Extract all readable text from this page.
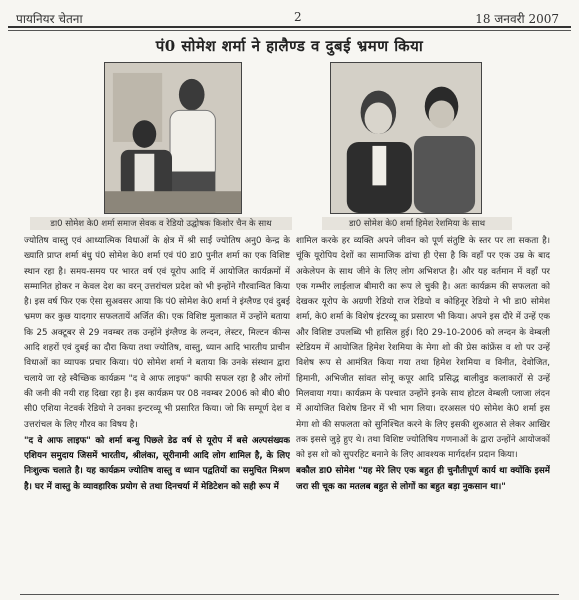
पायनियर चेतना	2	18 जनवरी 2007
पं0 सोमेश शर्मा ने हालैण्ड व दुबई भ्रमण किया
डा0 सोमेश के0 शर्मा समाज सेवक व रेडियो उद्घोषक किशोर चैन के साथ	डा0 सोमेश के0 शर्मा हिमेश रेशमिया के साथ

ज्योतिष वास्तु एवं आध्यात्मिक विधाओं के क्षेत्र में श्री साईं ज्योतिष अनु0 केन्द्र के ख्याति प्राप्त शर्मा बंधु पं0 सोमेश के0 शर्मा एवं पं0 डा0 पुनीत शर्मा का एक विशिष्ट स्थान रहा है। समय-समय पर भारत वर्ष एवं यूरोप आदि में आयोजित कार्यक्रमों में सम्मानित होकर न केवल देश का वरन् उत्तरांचल प्रदेश को भी इन्होंने गौरवान्वित किया है। इस वर्ष फिर एक ऐसा सुअवसर आया कि पं0 सोमेश के0 शर्मा ने इंग्लैण्ड एवं दुबई भ्रमण कर कुछ यादगार सफलतायें अर्जित की। एक विशिष्ट मुलाकात में उन्होंने बताया कि 25 अक्टूबर से 29 नवम्बर तक उन्होंने इंग्लैण्ड के लन्दन, लेस्टर, मिल्टन कीन्स आदि शहरों एवं दुबई का दौरा किया तथा ज्योतिष, वास्तु, ध्यान आदि भारतीय प्राचीन विधाओं का व्यापक प्रचार किया। पं0 सोमेश शर्मा ने बताया कि उनके संस्थान द्वारा चलाये जा रहे स्वैच्छिक कार्यक्रम "द वे आफ लाइफ" काफी सफल रहा है और लोगों की जनी की नयी राह दिखा रहा है। इस कार्यक्रम पर 08 नवम्बर 2006 को बी0 बी0 सी0 एशिया नेटवर्क रेडियो ने उनका इन्टरव्यू भी प्रसारित किया। जो कि सम्पूर्ण देश व उत्तरांचल के लिए गौरव का विषय है।

"द वे आफ लाइफ" को शर्मा बन्धु पिछले डेढ वर्ष से यूरोप में बसे अल्पसंख्यक एशियन समुदाय जिसमें भारतीय, श्रीलंका, सूरीनामी आदि लोग शामिल है, के लिए निःशुल्क चलाते है। यह कार्यक्रम ज्योतिष वास्तु व ध्यान पद्वतियों का समुचित मिश्रण है। घर में वास्तु के व्यावहारिक प्रयोग से तथा दिनचर्या में मेडिटेशन को सही रूप में

शामिल करके हर व्यक्ति अपने जीवन को पूर्ण संतुष्टि के स्तर पर ला सकता है। चूंकि यूरोपिय देशों का सामाजिक ढांचा ही ऐसा है कि वहाँ पर एक उम्र के बाद अकेलेपन के साथ जीने के लिए लोग अभिशप्त है। और यह वर्तमान में वहाँ पर एक गम्भीर लाईलाज बीमारी का रूप ले चुकी है। अतः कार्यक्रम की सफलता को देखकर यूरोप के अग्रणी रेडियो राज रेडियो व कोहिनूर रेडियो ने भी डा0 सोमेश शर्मा, के0 शर्मा के विशेष इंटरव्यू का प्रसारण भी किया। अपने इस दौरे में उन्हें एक और विशिष्ट उपलब्धि भी हासिल हुई। दि0 29-10-2006 को लन्दन के वेम्बली स्टेडियम में आयोजित हिमेश रेशमिया के मेगा शो की प्रेस कांफ्रेंस व शो पर उन्हें विशेष रूप से आमंत्रित किया गया तथा हिमेश रेशमिया व विनीत, देवोजित, हिमानी, अभिजीत सांवत सोनू कपूर आदि प्रसिद्ध बालीवुड कलाकारों से उन्हें मिलवाया गया। कार्यक्रम के पश्चात उन्होंने इनके साथ होटल वेम्बली प्लाजा लंदन में आयोजित विशेष डिनर में भी भाग लिया। दरअसल पं0 सोमेश के0 शर्मा इस मेगा शो की सफलता को सुनिश्चित करने के लिए इसकी शुरुआत से लेकर आखिर तक इससे जुड़े हुए थे। तथा विशिष्ट ज्योतिषिय गणनाओं के द्वारा उन्होंने आयोजकों को इस शो को सुपरहिट बनाने के लिए आवश्यक मार्गदर्शन प्रदान किया।

बकौल डा0 सोमेश "यह मेरे लिए एक बहुत ही चुनौतीपूर्ण कार्य था क्योंकि इसमें जरा सी चूक का मतलब बहुत से लोगों का बहुत बड़ा नुकसान था।"
